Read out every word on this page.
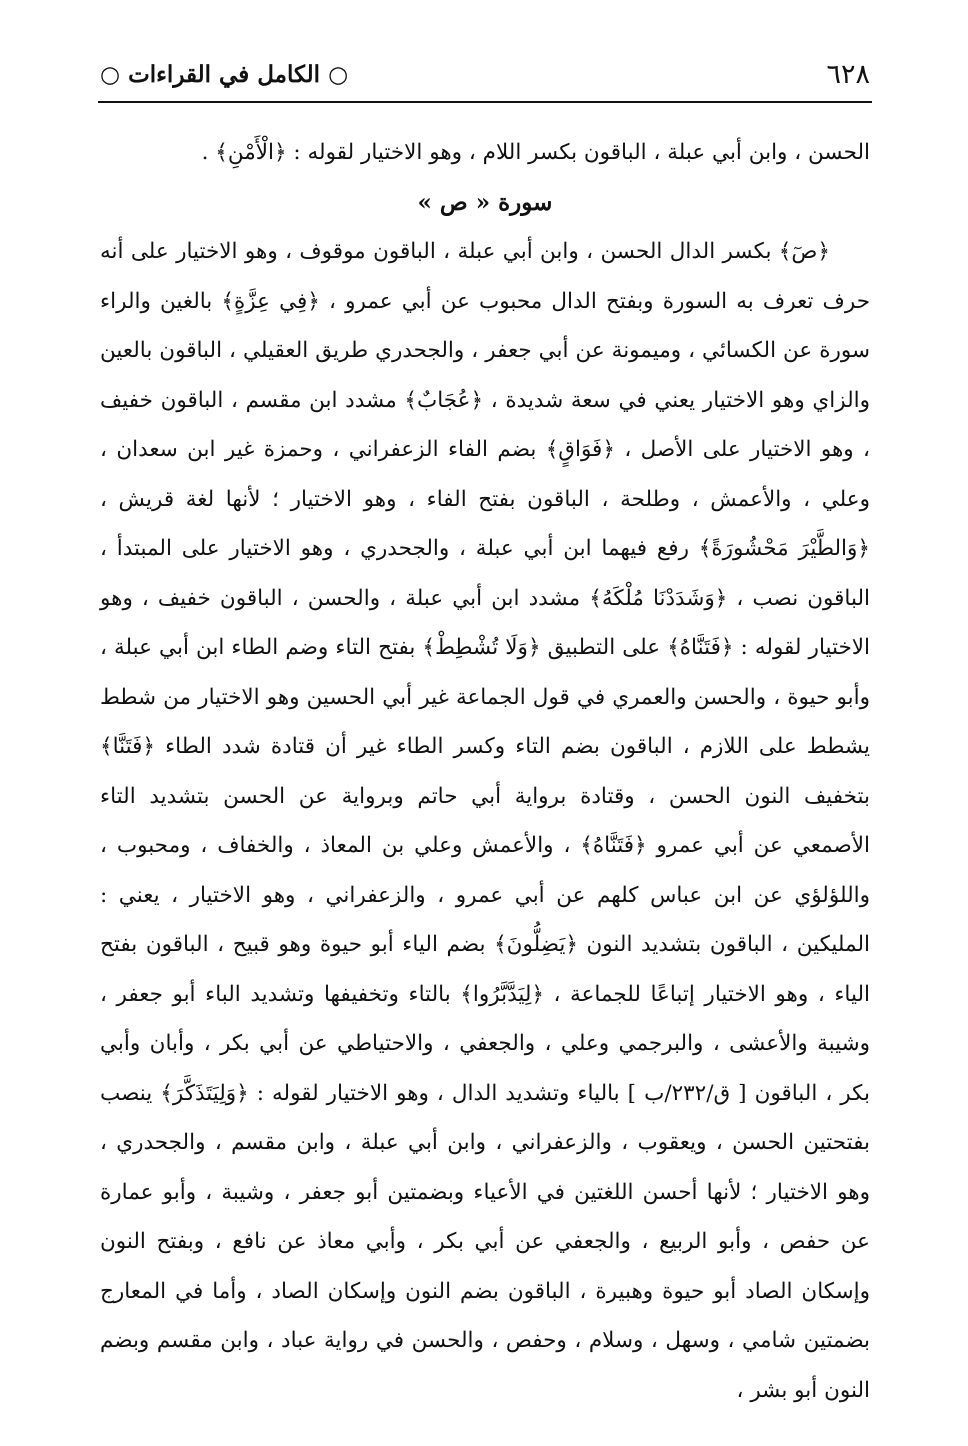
٦٢٨
○ الكامل في القراءات ○

الحسن ، وابن أبي عبلة ، الباقون بكسر اللام ، وهو الاختيار لقوله : ﴿الْأَمْنِ﴾ .

سورة « ص »

﴿صٓ﴾ بكسر الدال الحسن ، وابن أبي عبلة ، الباقون موقوف ، وهو الاختيار على أنه حرف تعرف به السورة وبفتح الدال محبوب عن أبي عمرو ، ﴿فِي عِزَّةٍ﴾ بالغين والراء سورة عن الكسائي ، وميمونة عن أبي جعفر ، والجحدري طريق العقيلي ، الباقون بالعين والزاي وهو الاختيار يعني في سعة شديدة ، ﴿عُجَابٌ﴾ مشدد ابن مقسم ، الباقون خفيف ، وهو الاختيار على الأصل ، ﴿فَوَاقٍ﴾ بضم الفاء الزعفراني ، وحمزة غير ابن سعدان ، وعلي ، والأعمش ، وطلحة ، الباقون بفتح الفاء ، وهو الاختيار ؛ لأنها لغة قريش ، ﴿وَالطَّيْرَ مَحْشُورَةً﴾ رفع فيهما ابن أبي عبلة ، والجحدري ، وهو الاختيار على المبتدأ ، الباقون نصب ، ﴿وَشَدَدْنَا مُلْكَهُ﴾ مشدد ابن أبي عبلة ، والحسن ، الباقون خفيف ، وهو الاختيار لقوله : ﴿فَتَنَّاهُ﴾ على التطبيق ﴿وَلَا تُشْطِطْ﴾ بفتح التاء وضم الطاء ابن أبي عبلة ، وأبو حيوة ، والحسن والعمري في قول الجماعة غير أبي الحسين وهو الاختيار من شطط يشطط على اللازم ، الباقون بضم التاء وكسر الطاء غير أن قتادة شدد الطاء ﴿فَتَنَّا﴾ بتخفيف النون الحسن ، وقتادة برواية أبي حاتم وبرواية عن الحسن بتشديد التاء الأصمعي عن أبي عمرو ﴿فَتَنَّاهُ﴾ ، والأعمش وعلي بن المعاذ ، والخفاف ، ومحبوب ، واللؤلؤي عن ابن عباس كلهم عن أبي عمرو ، والزعفراني ، وهو الاختيار ، يعني : المليكين ، الباقون بتشديد النون ﴿يَضِلُّونَ﴾ بضم الياء أبو حيوة وهو قبيح ، الباقون بفتح الياء ، وهو الاختيار إتباعًا للجماعة ، ﴿لِيَدَّبَّرُوا﴾ بالتاء وتخفيفها وتشديد الباء أبو جعفر ، وشيبة والأعشى ، والبرجمي وعلي ، والجعفي ، والاحتياطي عن أبي بكر ، وأبان وأبي بكر ، الباقون [ ق/٢٣٢/ب ] بالياء وتشديد الدال ، وهو الاختيار لقوله : ﴿وَلِيَتَذَكَّرَ﴾ ينصب بفتحتين الحسن ، ويعقوب ، والزعفراني ، وابن أبي عبلة ، وابن مقسم ، والجحدري ، وهو الاختيار ؛ لأنها أحسن اللغتين في الأعياء وبضمتين أبو جعفر ، وشيبة ، وأبو عمارة عن حفص ، وأبو الربيع ، والجعفي عن أبي بكر ، وأبي معاذ عن نافع ، وبفتح النون وإسكان الصاد أبو حيوة وهبيرة ، الباقون بضم النون وإسكان الصاد ، وأما في المعارج بضمتين شامي ، وسهل ، وسلام ، وحفص ، والحسن في رواية عباد ، وابن مقسم وبضم النون أبو بشر ،
